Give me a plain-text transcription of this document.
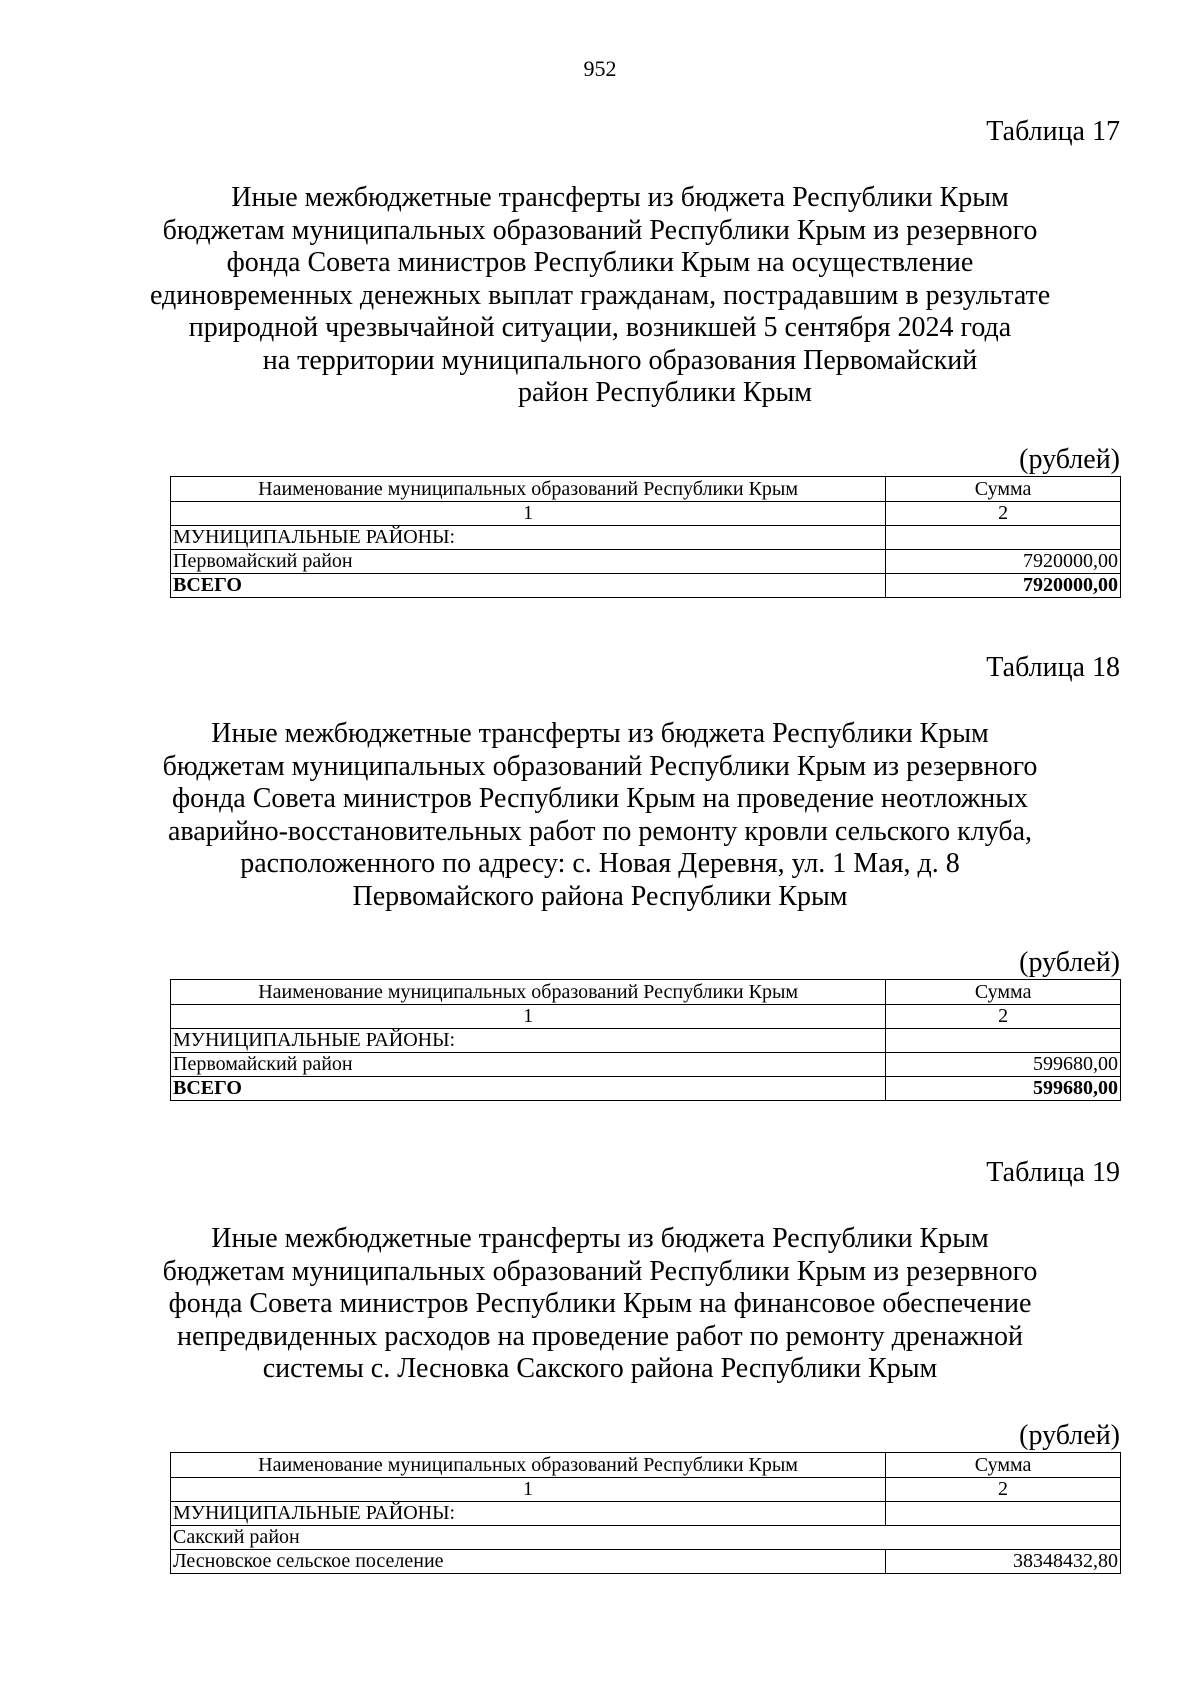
952
Таблица 17
Иные межбюджетные трансферты из бюджета Республики Крым
бюджетам муниципальных образований Республики Крым из резервного
фонда Совета министров Республики Крым на осуществление
единовременных денежных выплат гражданам, пострадавшим в результате
природной чрезвычайной ситуации, возникшей 5 сентября 2024 года
на территории муниципального образования Первомайский
район Республики Крым
(рублей)
Наименование муниципальных образований Республики Крым	Сумма
1	2
МУНИЦИПАЛЬНЫЕ РАЙОНЫ:	
Первомайский район	7920000,00
ВСЕГО	7920000,00
Таблица 18
Иные межбюджетные трансферты из бюджета Республики Крым
бюджетам муниципальных образований Республики Крым из резервного
фонда Совета министров Республики Крым на проведение неотложных
аварийно-восстановительных работ по ремонту кровли сельского клуба,
расположенного по адресу: с. Новая Деревня, ул. 1 Мая, д. 8
Первомайского района Республики Крым
(рублей)
Наименование муниципальных образований Республики Крым	Сумма
1	2
МУНИЦИПАЛЬНЫЕ РАЙОНЫ:	
Первомайский район	599680,00
ВСЕГО	599680,00
Таблица 19
Иные межбюджетные трансферты из бюджета Республики Крым
бюджетам муниципальных образований Республики Крым из резервного
фонда Совета министров Республики Крым на финансовое обеспечение
непредвиденных расходов на проведение работ по ремонту дренажной
системы с. Лесновка Сакского района Республики Крым
(рублей)
Наименование муниципальных образований Республики Крым	Сумма
1	2
МУНИЦИПАЛЬНЫЕ РАЙОНЫ:	
Сакский район	
Лесновское сельское поселение	38348432,80
